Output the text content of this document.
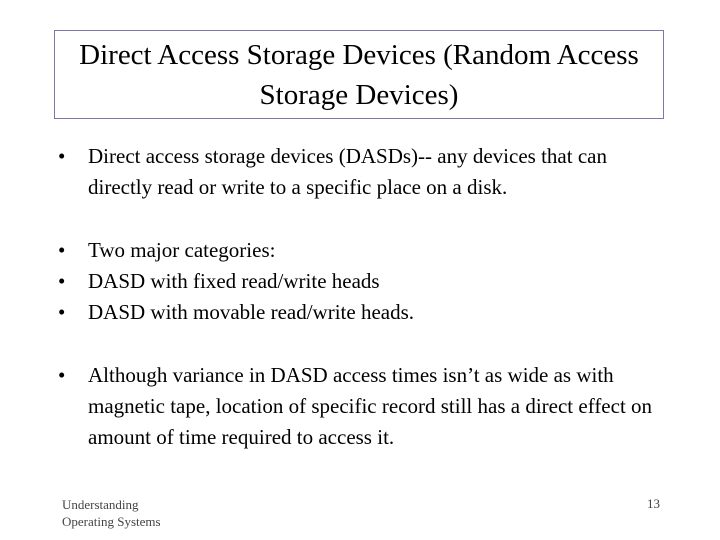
Direct Access Storage Devices (Random Access Storage Devices)
• Direct access storage devices (DASDs)-- any devices that can directly read or write to a specific place on a disk.
• Two major categories:
• DASD with fixed read/write heads
• DASD with movable read/write heads.
• Although variance in DASD access times isn’t as wide as with magnetic tape, location of specific record still has a direct effect on amount of time required to access it.
Understanding
Operating Systems
13
